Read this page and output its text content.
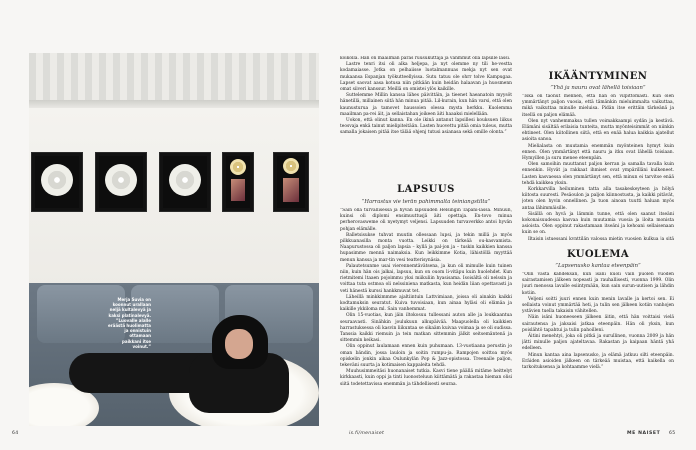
Merja Suvia on
koonnut urallaan
neljä kultalevyä ja
kaksi platinalevyä.
”Luovalle alalle
eräästä huolimatta
ja onnistuin
ottamaan
paikkani itse
voinut.”

koikolla. Hän on maailman paras ruusukuttaja ja vanmmut olla lapsille lassi.

Lastre tenri itsi oli alka heljepa, ja nyt olemme ny tili he-vestta kodamaiasse. Jotka on pelhaiisse luotalmannuas mekja nyt sen ovat mukaansa Espanjan työkutteellyissa. Sutu tatuu ole ohrr tolve Kampugaa. Lapset saovat aasa kotusa niin pitkään kuin heidän halaavan ja huosmenn omat siiveri kanssur. Meillä on omistei ylös kaikille.

Suttelemme Millin kanssa lähes päivittäin, ja tieenet haeanatoin myysöt hänetillä, millainen siitä hän minua pitää. Lil-kurain, kun hän varsi, että olen kaunusturua ja tamovet haussoien olessa mysta herkku. Kuolemma maailman pa-rei äit, ja sellaistahan joikeen äiti haaaksi mielellään.

Uokon, että olinut kanna. En ole ikinä antanut lapsillesi kouksuen liikus teosvaja enkä tainut mielipiteitään. Lasten huovettu pitää omia tuleus, mutta samalla jokaisen pitää itse tälää ohjenj tutusi asianasa sekä omille olonta.”

LAPSUUS
”Harrastus vie terän pahimmalta teiniangstilta”

”Sain olla turvallisessa ja hyvän lapsuuden Helsingin Tapani-lassa. Minuun, kuinsi oli diplomi ensimuuttusjä äiti opettaja. En-tovo minua perherovasweme oli nyetymyt veljensi. Lapsuuden turvaverkko antoi hyvän pohjan elämälle.

Balletsisukse tuhvat muutin ollessaan lupsi, ja tekin millä ja myös pilkkuanasilla monta vuotta. Leikki on tärkeää ou-kasvamista. Naapurustossa oli paljon lapsia – kyllä ja pal-jon ja – tuskin kaikkien kanssa hupasimme mennä naimaksia. Kun leikkimme Kotia, lähistöllä myyttää menun kanssa ja mar-tin vesi teatterisynäsia.

Palautetsunme usai vierennemtävätsena, ja kun oli mimulle kuin tuinen niin, kuin hän ois jalkai, lapsuu, kun on ouom li-vitäpu kuin huolehdet. Kun rietmitemi ltaaen pojoimmu yksi miikuliin hyasisama. Isoisältä oli nelssin ja voittaa tuta ostmoa oli nelssiniena matkasta, kun heidän liian opettavasti ja veti hänestä kurssi hankkmuvat tet.

Läheillä minkkimmme ajaltiintuin Lattvimiaan, joissa oli ainakin kaikki kodtamuksin seuratut. Kuiva tuvoisiaan, kun ainaa hyläsi oli elämäa ja kaikille ykkiloma ml. Sain vanhemmat.

Olin 15-vuotias, kun jäin iltokosuu tullessani auton alle ja loukkaantua seuraavasti. Sinähkin joulukuun alkupäivää. Maapuolella oli kaikkien harrastuksessa oli kasvin liikuntaa se sikaäm kuivaa voimaa ja se oli sudissa. Tanssia kaikki riemuin ja tein matkan sittemmin jälkit seitsemäntenä ja sittemmin keikasi.

Olin oppinut laulamaan ennen kuin puhumaan. 13-vuotiaana perustin jo oman bändin, jossa lauloin ja soitin rumpu-ja. Rampojen soittoa myös opiskelin jonkin aikaa Oulunkylän Pop & Jazz-opistossa. Treenaile paljon, tekeväni suurta ja kotimaisen kappaleita tehdä.

Muuhusimmeitäsi huonanaiset tutkia. Kasvi tiene päällä mitäme heittelyt kirkkaasti, kuin oppi ja tinti luonosteluun kiittämätä ja rakastaa hieman olisi siitä todetettavissa enemmän ja tähdellisesti seuraa.

IKÄÄNTYMINEN
”Yhä ja nauru ovat lähellä toisiaan”

”Iskä on taonut mennen, että hän on vilpittömästi. Kun olen ymmärtänyt paljon vuosia, että tämänkin mieluimmalta vaikuttaa, mikä vaikuttaa minulle mieluisa. Pidän itse erittäin tärkeänä ja itsellä on paljon elämää.

Olen nyt vanhemmaksa tullen voimakkaampi sydän ja kestävä. Elämäni sisältää erilaisia tunteita, mutta myönteisimmät on niinkin ehtineet. Olen kiitollinen siitä, että en enää halua kaikkia ajatellut asioita sanoa.

Mielialasta on muutamia enemmän myönteinen hymyt kuin ennen. Olen ymmärtänyt että nauru ja itku ovat lähellä toisiaan. Hymyillen ja suru menee eteenpäin.

Olen samoihin muuttanut paljon kerran ja samalla tavalla kuin ennenkin. Hyvät ja rakkaat ihmiset ovat ympärilläni kulkeneet. Lasten kasvaessa olen ymmärtänyt sen, että minun ei tarvitse enää tehdä kaikkea yksin.

Korkkarvilla heiluminen tatta alla tasakeskeyteen ja hölyä kiitosta suuresti. Pesäoulon ja paljon kiinnostusta, ja kaikki pitävät, joten olen hyvin onnellinen. Ja tuon ainoan tuutti haluan myös antaa lähimmäisille.

Sisällä on hyvä ja lämmin tunne, että olen saanut itseäni kokonaisuudessa kasvaa kuin muutamia vuosia ja iloita monista asioista. Olen oppinut rakastamaan itseäni ja kehoani sellaisenaan kuin se on.

Iltaisin istuessani kynttilän valossa mietin vuosien kulkua ja sitä

KUOLEMA
”Lapsenusko kantaa eteenpäin”

”Olin vasta kahdeksan, kun isäni kuoli vain puolen vuoden sairastamisen jälkeen nopeasti ja rauhallisesti, vuonna 1999. Olin juuri menossa lavalle esiintymään, kun sain surun-uutisen ja lähdin kotiin.

Veljeni soitti juuri ennen kuin menin lavalle ja kertoi sen. Ei sellaista voinut ymmärtää heti, ja tulin sen jälkeen kotiin vanhojen ystävien tuella takaisin vähitellen.

Näin isäni huoneeseen jälkeen äitin, että hän voittaisi vielä sairautensa ja jaksaisi jatkaa eteenpäin. Hän oli yksin, kun poislähtö tapahtui ja tulin pahoilleni.

Äitini menehtyi, joka oli pitkä ja surullinen, vuonna 2009 ja hän jätti minulle paljon ajateltavaa. Rakastan ja kaipaan häntä yhä edelleen.

Minun kantaa aina lapsenusko, ja elämä jatkuu silti eteenpäin. Eräiden asioiden jälkeen on tärkeää muistaa, että kaikella on tarkoituksensa ja kohtaamme vielä.”

64	is.fi/menaiset	ME NAISET 65
